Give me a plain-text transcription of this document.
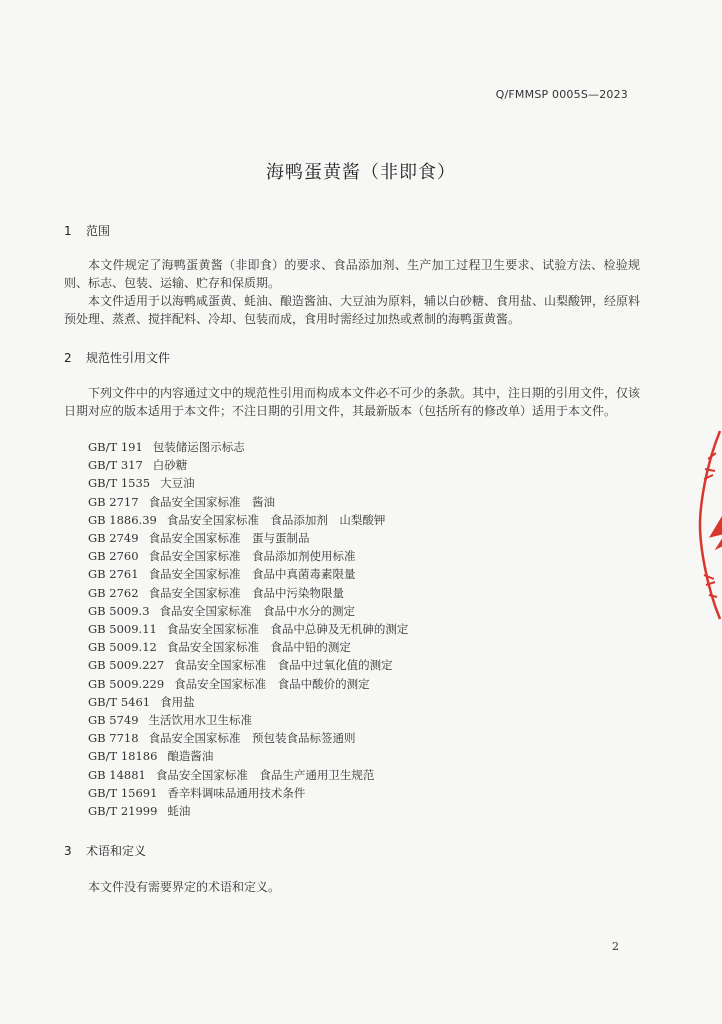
Q/FMMSP 0005S—2023
海鸭蛋黄酱（非即食）
1 范围
本文件规定了海鸭蛋黄酱（非即食）的要求、食品添加剂、生产加工过程卫生要求、试验方法、检验规则、标志、包装、运输、贮存和保质期。
本文件适用于以海鸭咸蛋黄、蚝油、酿造酱油、大豆油为原料，辅以白砂糖、食用盐、山梨酸钾，经原料预处理、蒸煮、搅拌配料、冷却、包装而成，食用时需经过加热或煮制的海鸭蛋黄酱。
2 规范性引用文件
下列文件中的内容通过文中的规范性引用而构成本文件必不可少的条款。其中，注日期的引用文件，仅该日期对应的版本适用于本文件；不注日期的引用文件，其最新版本（包括所有的修改单）适用于本文件。
GB/T 191 包装储运图示标志
GB/T 317 白砂糖
GB/T 1535 大豆油
GB 2717 食品安全国家标准　酱油
GB 1886.39 食品安全国家标准　食品添加剂　山梨酸钾
GB 2749 食品安全国家标准　蛋与蛋制品
GB 2760 食品安全国家标准　食品添加剂使用标准
GB 2761 食品安全国家标准　食品中真菌毒素限量
GB 2762 食品安全国家标准　食品中污染物限量
GB 5009.3 食品安全国家标准　食品中水分的测定
GB 5009.11 食品安全国家标准　食品中总砷及无机砷的测定
GB 5009.12 食品安全国家标准　食品中铅的测定
GB 5009.227 食品安全国家标准　食品中过氧化值的测定
GB 5009.229 食品安全国家标准　食品中酸价的测定
GB/T 5461 食用盐
GB 5749 生活饮用水卫生标准
GB 7718 食品安全国家标准　预包装食品标签通则
GB/T 18186 酿造酱油
GB 14881 食品安全国家标准　食品生产通用卫生规范
GB/T 15691 香辛料调味品通用技术条件
GB/T 21999 蚝油
3 术语和定义
本文件没有需要界定的术语和定义。
2
